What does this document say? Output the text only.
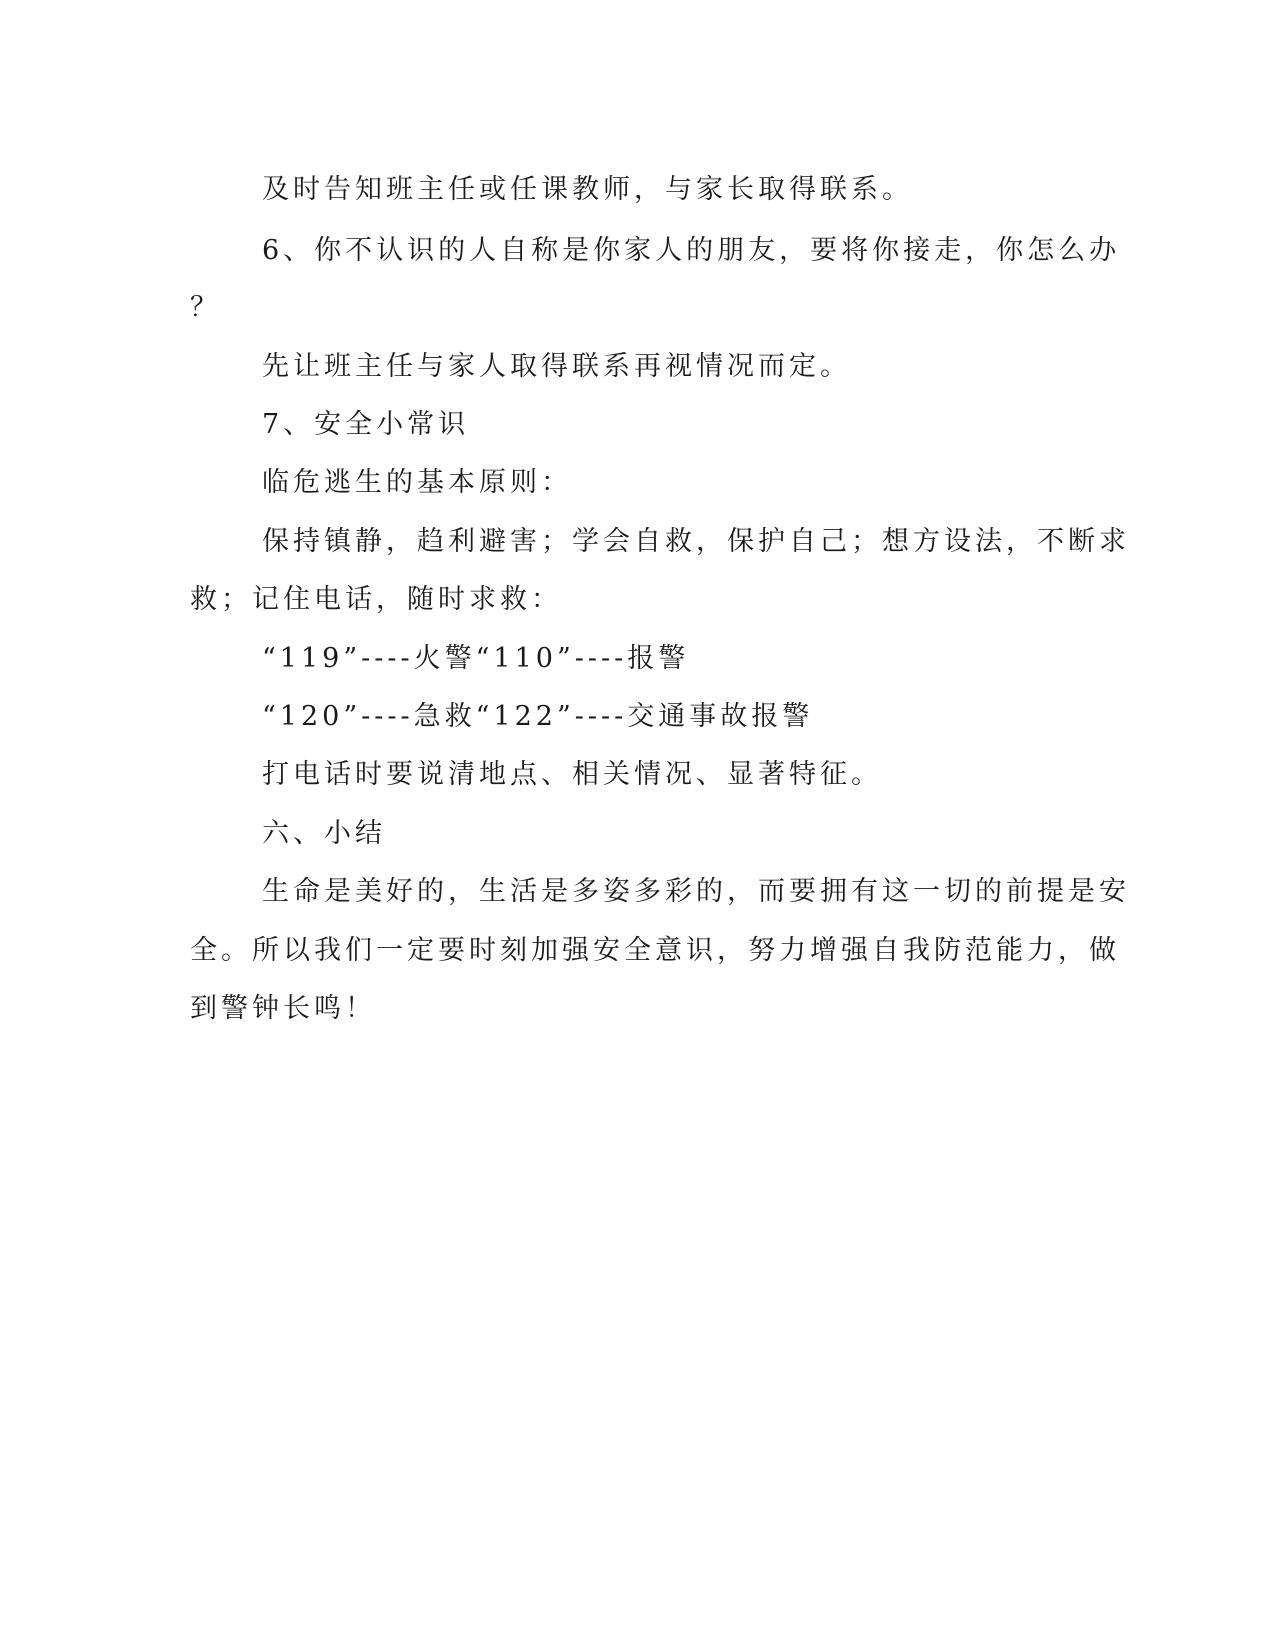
及时告知班主任或任课教师，与家长取得联系。
6、你不认识的人自称是你家人的朋友，要将你接走，你怎么办
？
先让班主任与家人取得联系再视情况而定。
7、安全小常识
临危逃生的基本原则：
保持镇静，趋利避害；学会自救，保护自己；想方设法，不断求
救；记住电话，随时求救：
“119”----火警“110”----报警
“120”----急救“122”----交通事故报警
打电话时要说清地点、相关情况、显著特征。
六、小结
生命是美好的，生活是多姿多彩的，而要拥有这一切的前提是安
全。所以我们一定要时刻加强安全意识，努力增强自我防范能力，做
到警钟长鸣！
